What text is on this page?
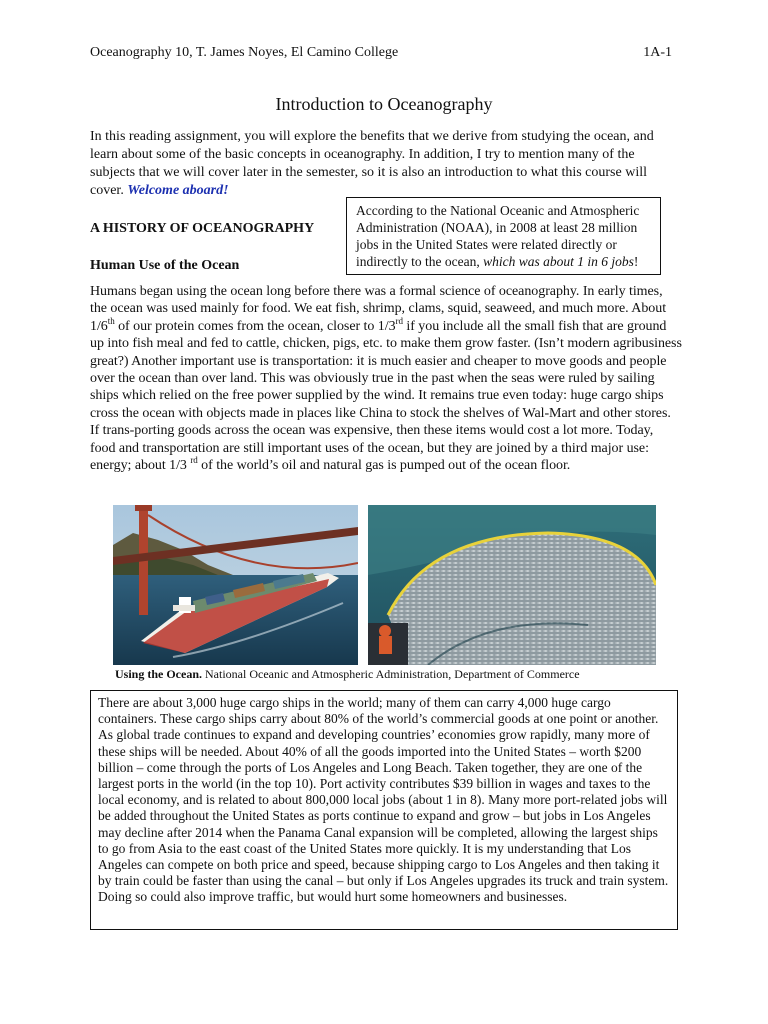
Oceanography 10, T. James Noyes, El Camino College	1A-1
Introduction to Oceanography

In this reading assignment, you will explore the benefits that we derive from studying the ocean, and learn about some of the basic concepts in oceanography. In addition, I try to mention many of the subjects that we will cover later in the semester, so it is also an introduction to what this course will cover. Welcome aboard!

According to the National Oceanic and Atmospheric Administration (NOAA), in 2008 at least 28 million jobs in the United States were related directly or indirectly to the ocean, which was about 1 in 6 jobs!
A HISTORY OF OCEANOGRAPHY
Human Use of the Ocean

Humans began using the ocean long before there was a formal science of oceanography. In early times, the ocean was used mainly for food. We eat fish, shrimp, clams, squid, seaweed, and much more. About 1/6th of our protein comes from the ocean, closer to 1/3rd if you include all the small fish that are ground up into fish meal and fed to cattle, chicken, pigs, etc. to make them grow faster. (Isn’t modern agribusiness great?) Another important use is transportation: it is much easier and cheaper to move goods and people over the ocean than over land. This was obviously true in the past when the seas were ruled by sailing ships which relied on the free power supplied by the wind. It remains true even today: huge cargo ships cross the ocean with objects made in places like China to stock the shelves of Wal-Mart and other stores. If trans-porting goods across the ocean was expensive, then these items would cost a lot more. Today, food and transportation are still important uses of the ocean, but they are joined by a third major use: energy; about 1/3 $^{rd}$ of the world’s oil and natural gas is pumped out of the ocean floor.

Using the Ocean. National Oceanic and Atmospheric Administration, Department of Commerce
There are about 3,000 huge cargo ships in the world; many of them can carry 4,000 huge cargo containers. These cargo ships carry about 80% of the world’s commercial goods at one point or another. As global trade continues to expand and developing countries’ economies grow rapidly, many more of these ships will be needed. About 40% of all the goods imported into the United States – worth $200 billion – come through the ports of Los Angeles and Long Beach. Taken together, they are one of the largest ports in the world (in the top 10). Port activity contributes $39 billion in wages and taxes to the local economy, and is related to about 800,000 local jobs (about 1 in 8). Many more port-related jobs will be added throughout the United States as ports continue to expand and grow – but jobs in Los Angeles may decline after 2014 when the Panama Canal expansion will be completed, allowing the largest ships to go from Asia to the east coast of the United States more quickly. It is my understanding that Los Angeles can compete on both price and speed, because shipping cargo to Los Angeles and then taking it by train could be faster than using the canal – but only if Los Angeles upgrades its truck and train system. Doing so could also improve traffic, but would hurt some homeowners and businesses.
